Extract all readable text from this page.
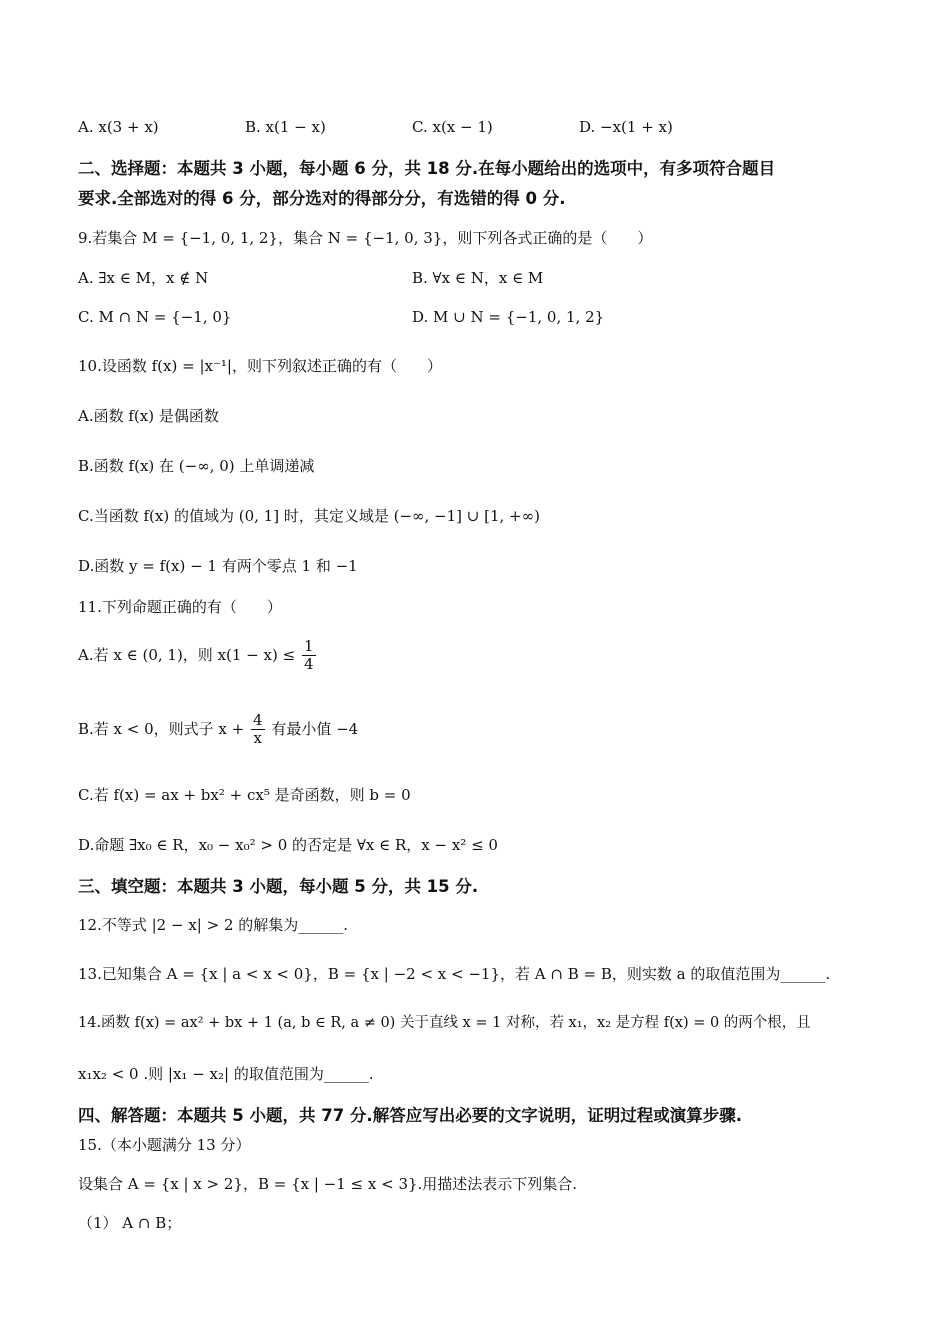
A. x(3 + x)	B. x(1 − x)	C. x(x − 1)	D. −x(1 + x)
二、选择题：本题共 3 小题，每小题 6 分，共 18 分.在每小题给出的选项中，有多项符合题目
要求.全部选对的得 6 分，部分选对的得部分分，有选错的得 0 分.
9.若集合 M = {−1, 0, 1, 2}，集合 N = {−1, 0, 3}，则下列各式正确的是（　　）
A. ∃x ∈ M，x ∉ N	B. ∀x ∈ N，x ∈ M
C. M ∩ N = {−1, 0}	D. M ∪ N = {−1, 0, 1, 2}
10.设函数 f(x) = |x⁻¹|，则下列叙述正确的有（　　）
A.函数 f(x) 是偶函数
B.函数 f(x) 在 (−∞, 0) 上单调递减
C.当函数 f(x) 的值域为 (0, 1] 时，其定义域是 (−∞, −1] ∪ [1, +∞)
D.函数 y = f(x) − 1 有两个零点 1 和 −1
11.下列命题正确的有（　　）
A.若 x ∈ (0, 1)，则 $x(1 - x) \le \frac{1}{4}$
B.若 x < 0，则式子 $x + \frac{4}{x}$ 有最小值 −4
C.若 f(x) = ax + bx² + cx⁵ 是奇函数，则 b = 0
D.命题 ∃x₀ ∈ R，x₀ − x₀² > 0 的否定是 ∀x ∈ R，x − x² ≤ 0
三、填空题：本题共 3 小题，每小题 5 分，共 15 分.
12.不等式 |2 − x| > 2 的解集为______.
13.已知集合 A = {x | a < x < 0}，B = {x | −2 < x < −1}，若 A ∩ B = B，则实数 a 的取值范围为______.
14.函数 f(x) = ax² + bx + 1 (a, b ∈ R, a ≠ 0) 关于直线 x = 1 对称，若 x₁，x₂ 是方程 f(x) = 0 的两个根，且
x₁x₂ < 0 .则 |x₁ − x₂| 的取值范围为______.
四、解答题：本题共 5 小题，共 77 分.解答应写出必要的文字说明，证明过程或演算步骤.
15.（本小题满分 13 分）
设集合 A = {x | x > 2}，B = {x | −1 ≤ x < 3}.用描述法表示下列集合.
（1） A ∩ B；
